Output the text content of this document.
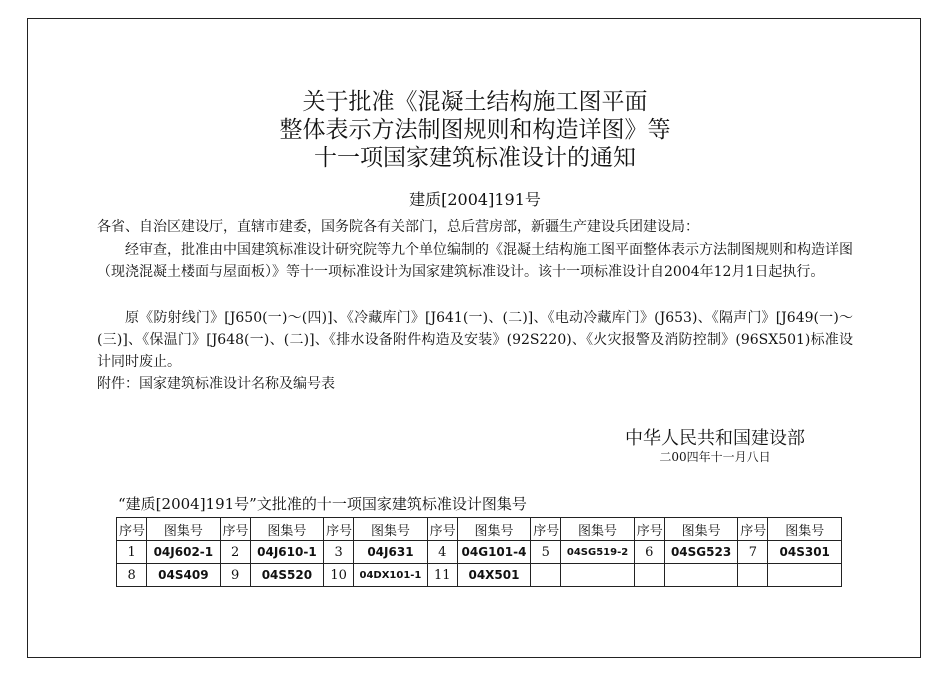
关于批准《混凝土结构施工图平面
整体表示方法制图规则和构造详图》等
十一项国家建筑标准设计的通知
建质[2004]191号
各省、自治区建设厅，直辖市建委，国务院各有关部门，总后营房部，新疆生产建设兵团建设局：
经审查，批准由中国建筑标准设计研究院等九个单位编制的《混凝土结构施工图平面整体表示方法制图规则和构造详图（现浇混凝土楼面与屋面板）》等十一项标准设计为国家建筑标准设计。该十一项标准设计自2004年12月1日起执行。
原《防射线门》[J650(一)～(四)]、《冷藏库门》[J641(一)、(二)]、《电动冷藏库门》(J653)、《隔声门》[J649(一)～(三)]、《保温门》[J648(一)、(二)]、《排水设备附件构造及安装》(92S220)、《火灾报警及消防控制》(96SX501)标准设计同时废止。
附件：国家建筑标准设计名称及编号表
中华人民共和国建设部
二00四年十一月八日
“建质[2004]191号”文批准的十一项国家建筑标准设计图集号
序号	图集号	序号	图集号	序号	图集号	序号	图集号	序号	图集号	序号	图集号	序号	图集号
1	04J602-1	2	04J610-1	3	04J631	4	04G101-4	5	04SG519-2	6	04SG523	7	04S301
8	04S409	9	04S520	10	04DX101-1	11	04X501						
